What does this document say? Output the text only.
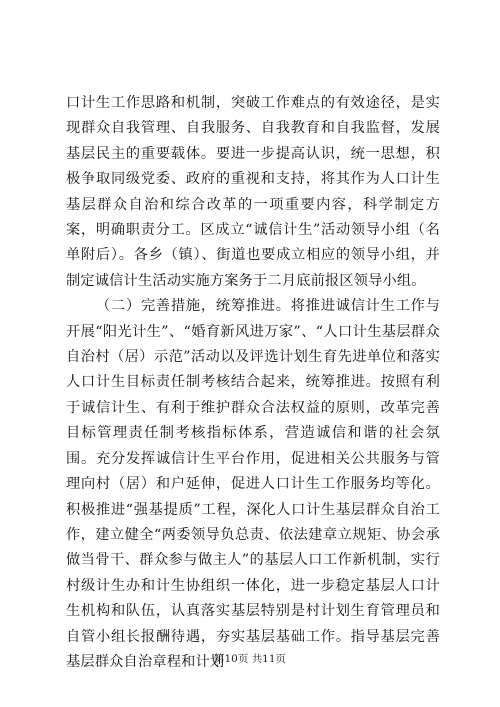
口计生工作思路和机制，突破工作难点的有效途径，是实现群众自我管理、自我服务、自我教育和自我监督，发展基层民主的重要载体。要进一步提高认识，统一思想，积极争取同级党委、政府的重视和支持，将其作为人口计生基层群众自治和综合改革的一项重要内容，科学制定方案，明确职责分工。区成立“诚信计生”活动领导小组（名单附后）。各乡（镇）、街道也要成立相应的领导小组，并制定诚信计生活动实施方案务于二月底前报区领导小组。

（二）完善措施，统筹推进。将推进诚信计生工作与开展“阳光计生”、“婚育新风进万家”、“人口计生基层群众自治村（居）示范”活动以及评选计划生育先进单位和落实人口计生目标责任制考核结合起来，统筹推进。按照有利于诚信计生、有利于维护群众合法权益的原则，改革完善目标管理责任制考核指标体系，营造诚信和谐的社会氛围。充分发挥诚信计生平台作用，促进相关公共服务与管理向村（居）和户延伸，促进人口计生工作服务均等化。积极推进“强基提质”工程，深化人口计生基层群众自治工作，建立健全“两委领导负总责、依法建章立规矩、协会承做当骨干、群众参与做主人”的基层人口工作新机制，实行村级计生办和计生协组织一体化，进一步稳定基层人口计生机构和队伍，认真落实基层特别是村计划生育管理员和自管小组长报酬待遇，夯实基层基础工作。指导基层完善基层群众自治章程和计划

第10页 共11页
